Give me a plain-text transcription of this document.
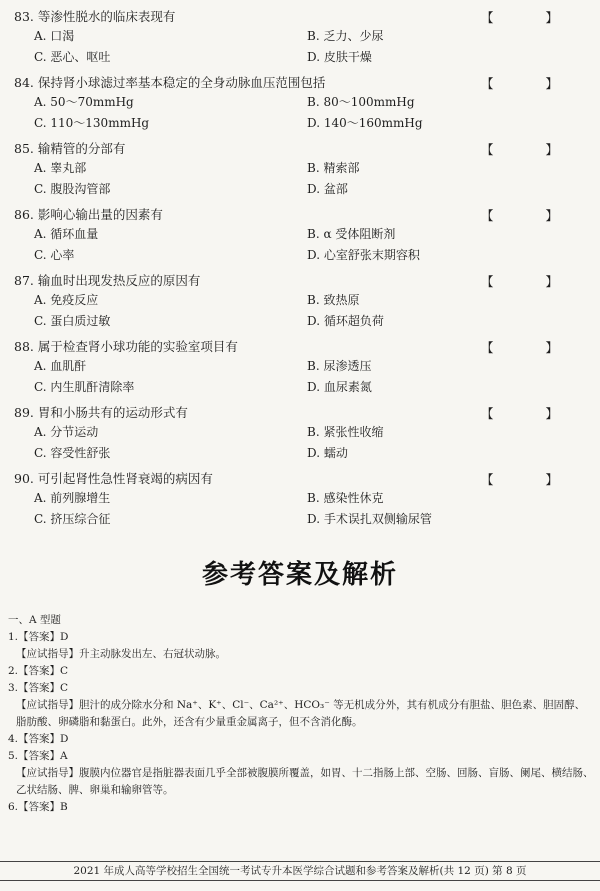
83. 等渗性脱水的临床表现有	【 】
A. 口渴	B. 乏力、少尿
C. 恶心、呕吐	D. 皮肤干燥
84. 保持肾小球滤过率基本稳定的全身动脉血压范围包括	【 】
A. 50～70mmHg	B. 80～100mmHg
C. 110～130mmHg	D. 140～160mmHg
85. 输精管的分部有	【 】
A. 睾丸部	B. 精索部
C. 腹股沟管部	D. 盆部
86. 影响心输出量的因素有	【 】
A. 循环血量	B. α 受体阻断剂
C. 心率	D. 心室舒张末期容积
87. 输血时出现发热反应的原因有	【 】
A. 免疫反应	B. 致热原
C. 蛋白质过敏	D. 循环超负荷
88. 属于检查肾小球功能的实验室项目有	【 】
A. 血肌酐	B. 尿渗透压
C. 内生肌酐清除率	D. 血尿素氮
89. 胃和小肠共有的运动形式有	【 】
A. 分节运动	B. 紧张性收缩
C. 容受性舒张	D. 蠕动
90. 可引起肾性急性肾衰竭的病因有	【 】
A. 前列腺增生	B. 感染性休克
C. 挤压综合征	D. 手术误扎双侧输尿管
参考答案及解析
一、A 型题
1.【答案】D
【应试指导】升主动脉发出左、右冠状动脉。
2.【答案】C
3.【答案】C
【应试指导】胆汁的成分除水分和 Na⁺、K⁺、Cl⁻、Ca²⁺、HCO₃⁻ 等无机成分外，其有机成分有胆盐、胆色素、胆固醇、脂肪酸、卵磷脂和黏蛋白。此外，还含有少量重金属离子，但不含消化酶。
4.【答案】D
5.【答案】A
【应试指导】腹膜内位器官是指脏器表面几乎全部被腹膜所覆盖，如胃、十二指肠上部、空肠、回肠、盲肠、阑尾、横结肠、乙状结肠、脾、卵巢和输卵管等。
6.【答案】B
2021 年成人高等学校招生全国统一考试专升本医学综合试题和参考答案及解析(共 12 页) 第 8 页
